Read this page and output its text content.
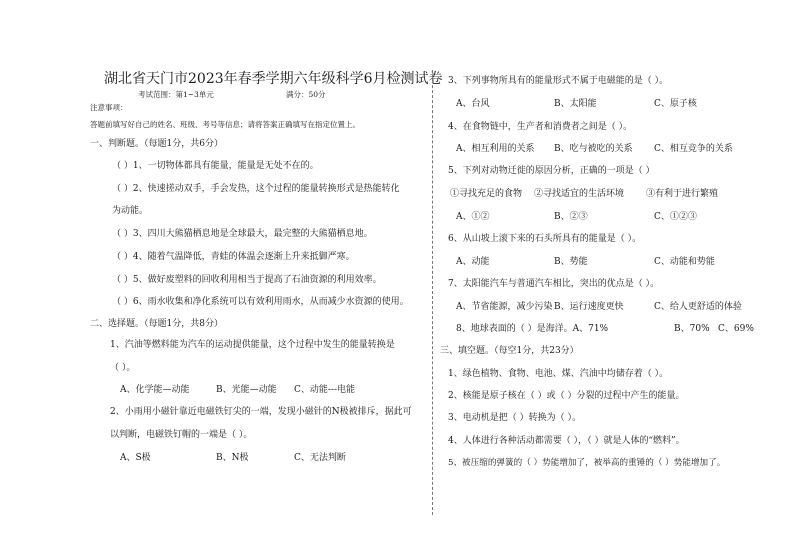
湖北省天门市2023年春季学期六年级科学6月检测试卷
考试范围：第1~3单元	满分：50分
注意事项：
答题前填写好自己的姓名、班级、考号等信息；请将答案正确填写在指定位置上。
一、判断题。（每题1分，共6分）
（ ）1、一切物体都具有能量，能量是无处不在的。
（ ）2、快速搓动双手，手会发热，这个过程的能量转换形式是热能转化
为动能。
（ ）3、四川大熊猫栖息地是全球最大，最完整的大熊猫栖息地。
（ ）4、随着气温降低，青蛙的体温会逐渐上升来抵御严寒。
（ ）5、做好废塑料的回收利用相当于提高了石油资源的利用效率。
（ ）6、雨水收集和净化系统可以有效利用雨水，从而减少水资源的使用。
二、选择题。（每题1分，共8分）
1、汽油等燃料能为汽车的运动提供能量，这个过程中发生的能量转换是
（ ）。
A、化学能—动能	B、光能—动能 C、动能---电能
2、小雨用小磁针靠近电磁铁钉尖的一端，发现小磁针的N极被排斥，据此可
以判断，电磁铁钉帽的一端是（ ）。
A、S极	B、N极	C、无法判断
3、下列事物所具有的能量形式不属于电磁能的是（ ）。
A、台风	B、太阳能	C、原子核
4、在食物链中，生产者和消费者之间是（ ）。
A、相互利用的关系 B、吃与被吃的关系 C、相互竞争的关系
5、下列对动物迁徙的原因分析，正确的一项是（ ）
①寻找充足的食物 ②寻找适宜的生活环境 ③有利于进行繁殖
A、①②	B、②③	C、①②③
6、从山坡上滚下来的石头所具有的能量是（ ）。
A、动能	B、势能	C、动能和势能
7、太阳能汽车与普通汽车相比，突出的优点是（ ）。
A、节省能源，减少污染B、运行速度更快	C、给人更舒适的体验
8、地球表面的（ ）是海洋。A、71%	B、70% C、69%
三、填空题。（每空1分，共23分）
1、绿色植物、食物、电池、煤、汽油中均储存着（ ）。
2、核能是原子核在（ ）或（ ）分裂的过程中产生的能量。
3、电动机是把（ ）转换为（ ）。
4、人体进行各种活动都需要（ ），（ ）就是人体的“燃料”。
5、被压缩的弹簧的（ ）势能增加了，被举高的重锤的（ ）势能增加了。
